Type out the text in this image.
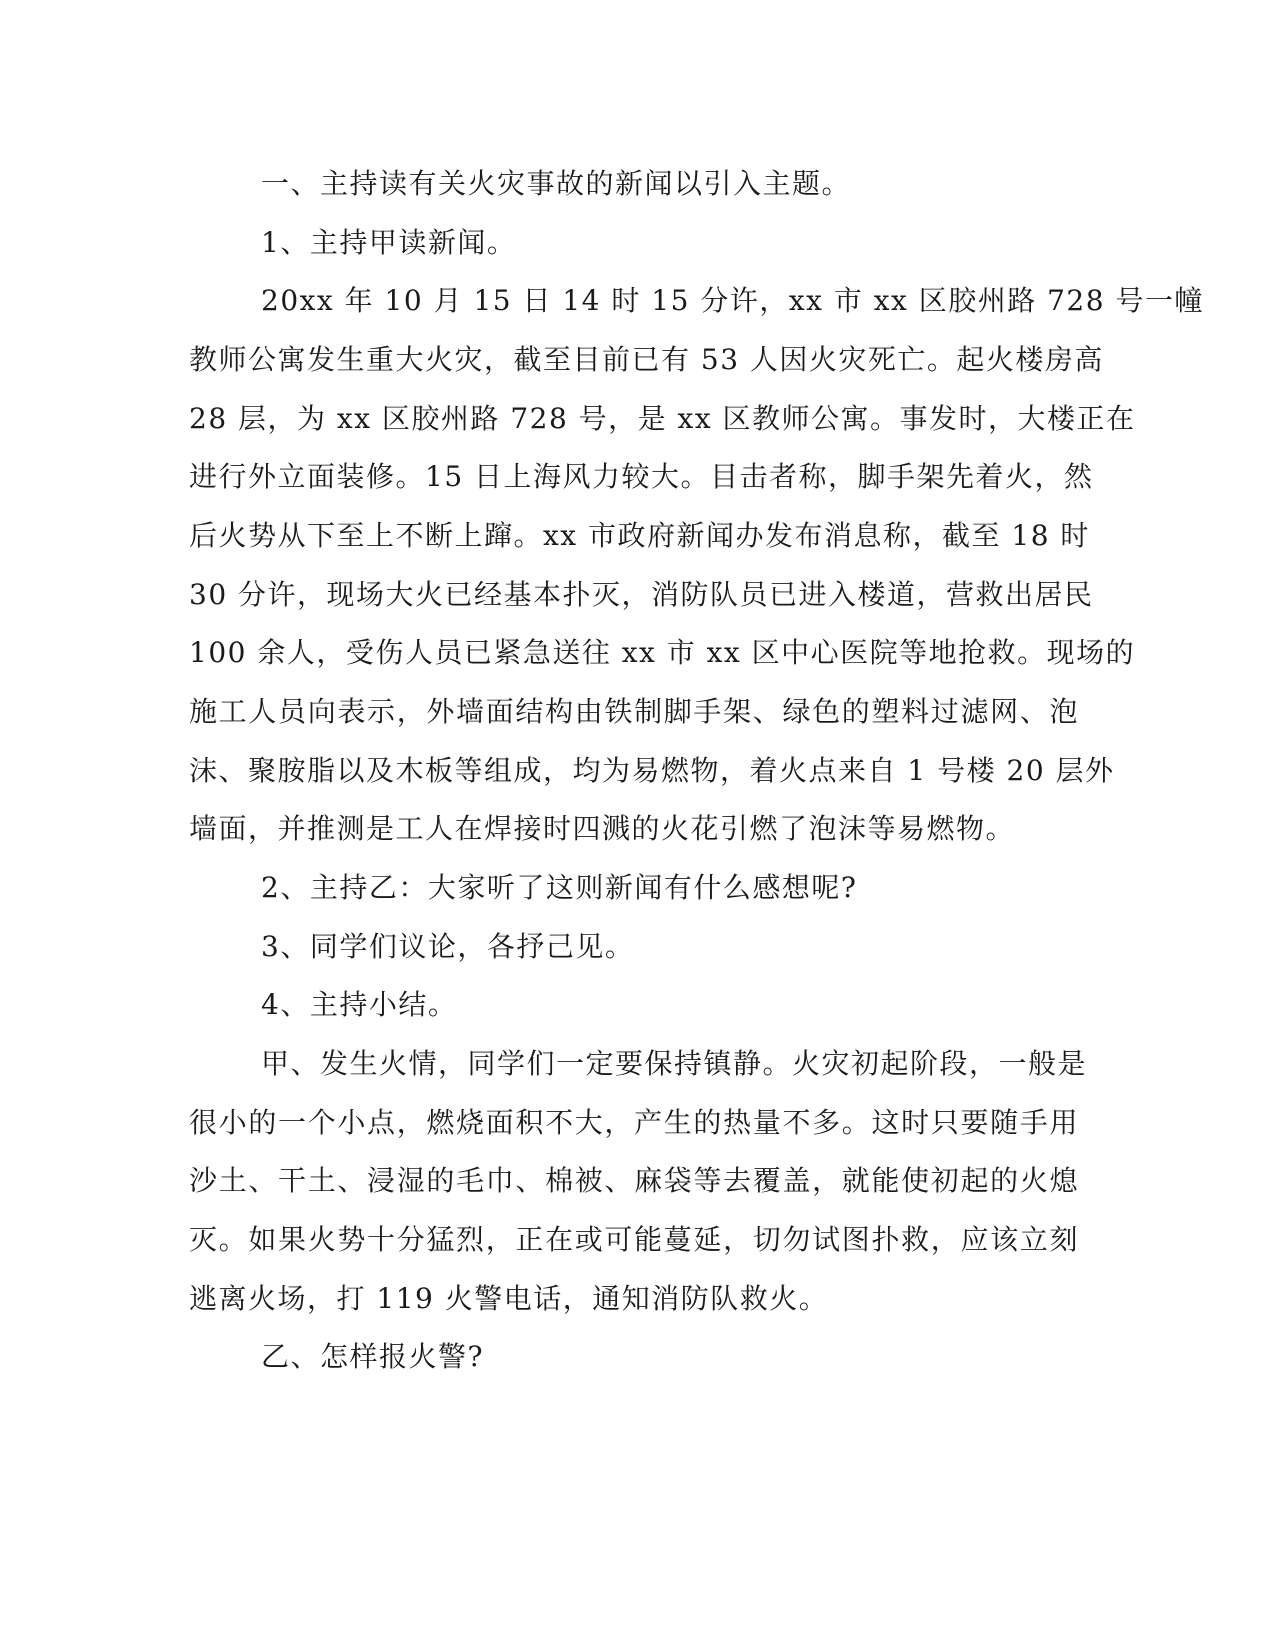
一、主持读有关火灾事故的新闻以引入主题。
1、主持甲读新闻。
20xx 年 10 月 15 日 14 时 15 分许，xx 市 xx 区胶州路 728 号一幢
教师公寓发生重大火灾，截至目前已有 53 人因火灾死亡。起火楼房高
28 层，为 xx 区胶州路 728 号，是 xx 区教师公寓。事发时，大楼正在
进行外立面装修。15 日上海风力较大。目击者称，脚手架先着火，然
后火势从下至上不断上蹿。xx 市政府新闻办发布消息称，截至 18 时
30 分许，现场大火已经基本扑灭，消防队员已进入楼道，营救出居民
100 余人，受伤人员已紧急送往 xx 市 xx 区中心医院等地抢救。现场的
施工人员向表示，外墙面结构由铁制脚手架、绿色的塑料过滤网、泡
沫、聚胺脂以及木板等组成，均为易燃物，着火点来自 1 号楼 20 层外
墙面，并推测是工人在焊接时四溅的火花引燃了泡沫等易燃物。
2、主持乙：大家听了这则新闻有什么感想呢?
3、同学们议论，各抒己见。
4、主持小结。
甲、发生火情，同学们一定要保持镇静。火灾初起阶段，一般是
很小的一个小点，燃烧面积不大，产生的热量不多。这时只要随手用
沙土、干土、浸湿的毛巾、棉被、麻袋等去覆盖，就能使初起的火熄
灭。如果火势十分猛烈，正在或可能蔓延，切勿试图扑救，应该立刻
逃离火场，打 119 火警电话，通知消防队救火。
乙、怎样报火警?
